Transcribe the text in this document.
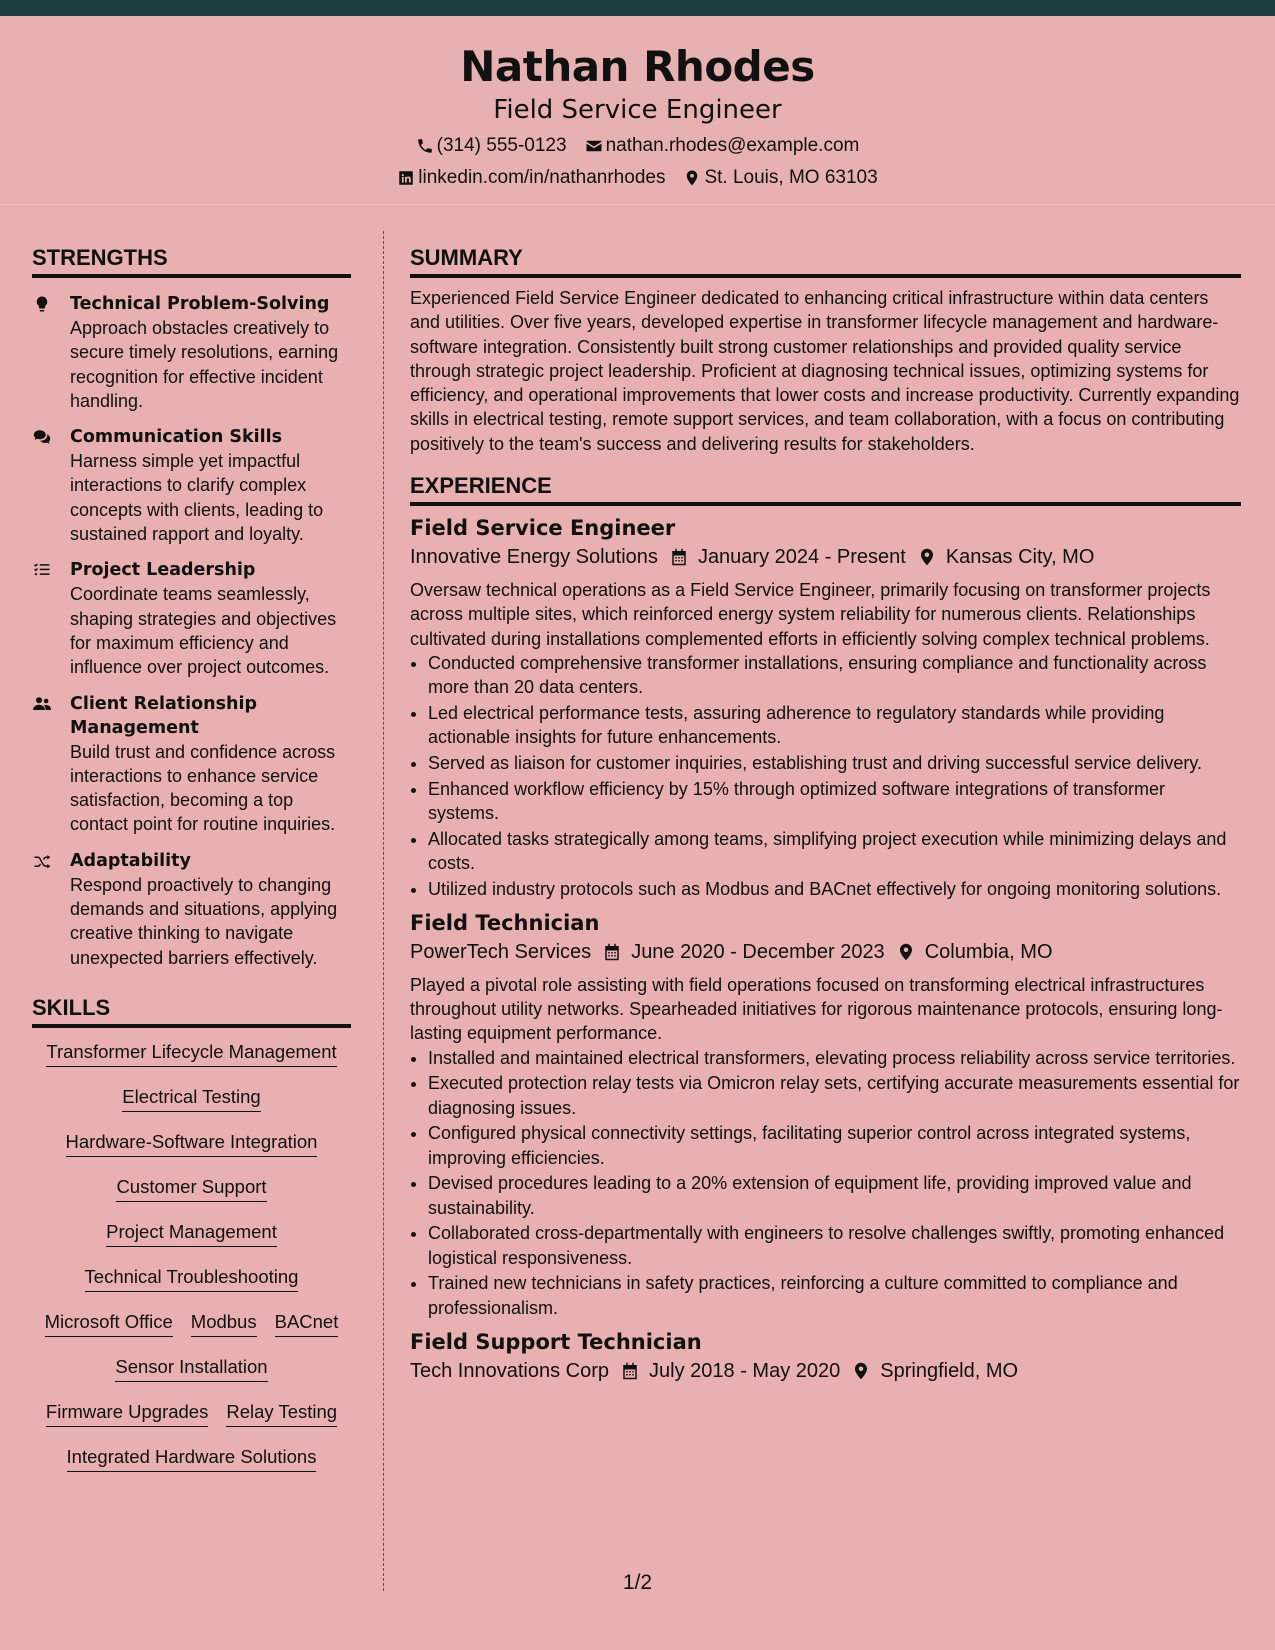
Nathan Rhodes
Field Service Engineer
(314) 555-0123 nathan.rhodes@example.com
linkedin.com/in/nathanrhodes St. Louis, MO 63103
STRENGTHS
Technical Problem-Solving
Approach obstacles creatively to secure timely resolutions, earning recognition for effective incident handling.
Communication Skills
Harness simple yet impactful interactions to clarify complex concepts with clients, leading to sustained rapport and loyalty.
Project Leadership
Coordinate teams seamlessly, shaping strategies and objectives for maximum efficiency and influence over project outcomes.
Client Relationship Management
Build trust and confidence across interactions to enhance service satisfaction, becoming a top contact point for routine inquiries.
Adaptability
Respond proactively to changing demands and situations, applying creative thinking to navigate unexpected barriers effectively.
SKILLS
Transformer Lifecycle Management
Electrical Testing
Hardware-Software Integration
Customer Support
Project Management
Technical Troubleshooting
Microsoft Office Modbus BACnet
Sensor Installation
Firmware Upgrades Relay Testing
Integrated Hardware Solutions
SUMMARY

Experienced Field Service Engineer dedicated to enhancing critical infrastructure within data centers and utilities. Over five years, developed expertise in transformer lifecycle management and hardware-software integration. Consistently built strong customer relationships and provided quality service through strategic project leadership. Proficient at diagnosing technical issues, optimizing systems for efficiency, and operational improvements that lower costs and increase productivity. Currently expanding skills in electrical testing, remote support services, and team collaboration, with a focus on contributing positively to the team's success and delivering results for stakeholders.

EXPERIENCE
Field Service Engineer
Innovative Energy Solutions January 2024 - Present Kansas City, MO
Oversaw technical operations as a Field Service Engineer, primarily focusing on transformer projects across multiple sites, which reinforced energy system reliability for numerous clients. Relationships cultivated during installations complemented efforts in efficiently solving complex technical problems.
• Conducted comprehensive transformer installations, ensuring compliance and functionality across more than 20 data centers.
• Led electrical performance tests, assuring adherence to regulatory standards while providing actionable insights for future enhancements.
• Served as liaison for customer inquiries, establishing trust and driving successful service delivery.
• Enhanced workflow efficiency by 15% through optimized software integrations of transformer systems.
• Allocated tasks strategically among teams, simplifying project execution while minimizing delays and costs.
• Utilized industry protocols such as Modbus and BACnet effectively for ongoing monitoring solutions.
Field Technician
PowerTech Services June 2020 - December 2023 Columbia, MO
Played a pivotal role assisting with field operations focused on transforming electrical infrastructures throughout utility networks. Spearheaded initiatives for rigorous maintenance protocols, ensuring long-lasting equipment performance.
• Installed and maintained electrical transformers, elevating process reliability across service territories.
• Executed protection relay tests via Omicron relay sets, certifying accurate measurements essential for diagnosing issues.
• Configured physical connectivity settings, facilitating superior control across integrated systems, improving efficiencies.
• Devised procedures leading to a 20% extension of equipment life, providing improved value and sustainability.
• Collaborated cross-departmentally with engineers to resolve challenges swiftly, promoting enhanced logistical responsiveness.
• Trained new technicians in safety practices, reinforcing a culture committed to compliance and professionalism.
Field Support Technician
Tech Innovations Corp July 2018 - May 2020 Springfield, MO
1/2
